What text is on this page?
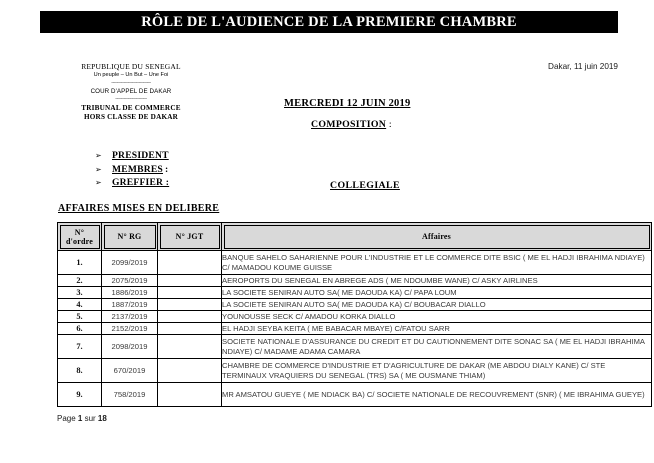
RÔLE DE L'AUDIENCE DE LA PREMIERE CHAMBRE
REPUBLIQUE DU SENEGAL
Un peuple – Un But – Une Foi
-----------------------------
COUR D'APPEL DE DAKAR
-----------------------
TRIBUNAL DE COMMERCE
HORS CLASSE DE DAKAR
Dakar, 11 juin 2019
MERCREDI 12 JUIN 2019
COMPOSITION :
➢	PRESIDENT
➢	MEMBRES :
➢	GREFFIER :	COLLEGIALE
AFFAIRES MISES EN DELIBERE
N°
d'ordre	N° RG	N° JGT	Affaires

1.	2099/2019		BANQUE SAHELO SAHARIENNE POUR L'INDUSTRIE ET LE COMMERCE DITE BSIC ( ME EL HADJI IBRAHIMA NDIAYE) C/ MAMADOU KOUME GUISSE
2.	2075/2019		AEROPORTS DU SENEGAL EN ABREGE ADS ( ME NDOUMBE WANE) C/ ASKY AIRLINES
3.	1886/2019		LA SOCIETE SENIRAN AUTO SA( ME DAOUDA KA) C/ PAPA LOUM
4.	1887/2019		LA SOCIETE SENIRAN AUTO SA( ME DAOUDA KA) C/ BOUBACAR DIALLO
5.	2137/2019		YOUNOUSSE SECK C/ AMADOU KORKA DIALLO
6.	2152/2019		EL HADJI SEYBA KEITA ( ME BABACAR MBAYE) C/FATOU SARR
7.	2098/2019		SOCIETE NATIONALE D'ASSURANCE DU CREDIT ET DU CAUTIONNEMENT DITE SONAC SA ( ME EL HADJI IBRAHIMA NDIAYE) C/ MADAME ADAMA CAMARA
8.	670/2019		CHAMBRE DE COMMERCE D'INDUSTRIE ET D'AGRICULTURE DE DAKAR (ME ABDOU DIALY KANE) C/ STE TERMINAUX VRAQUIERS DU SENEGAL (TRS) SA ( ME OUSMANE THIAM)
9.	758/2019		MR AMSATOU GUEYE ( ME NDIACK BA) C/ SOCIETE NATIONALE DE RECOUVREMENT (SNR) ( ME IBRAHIMA GUEYE)
Page 1 sur 18
